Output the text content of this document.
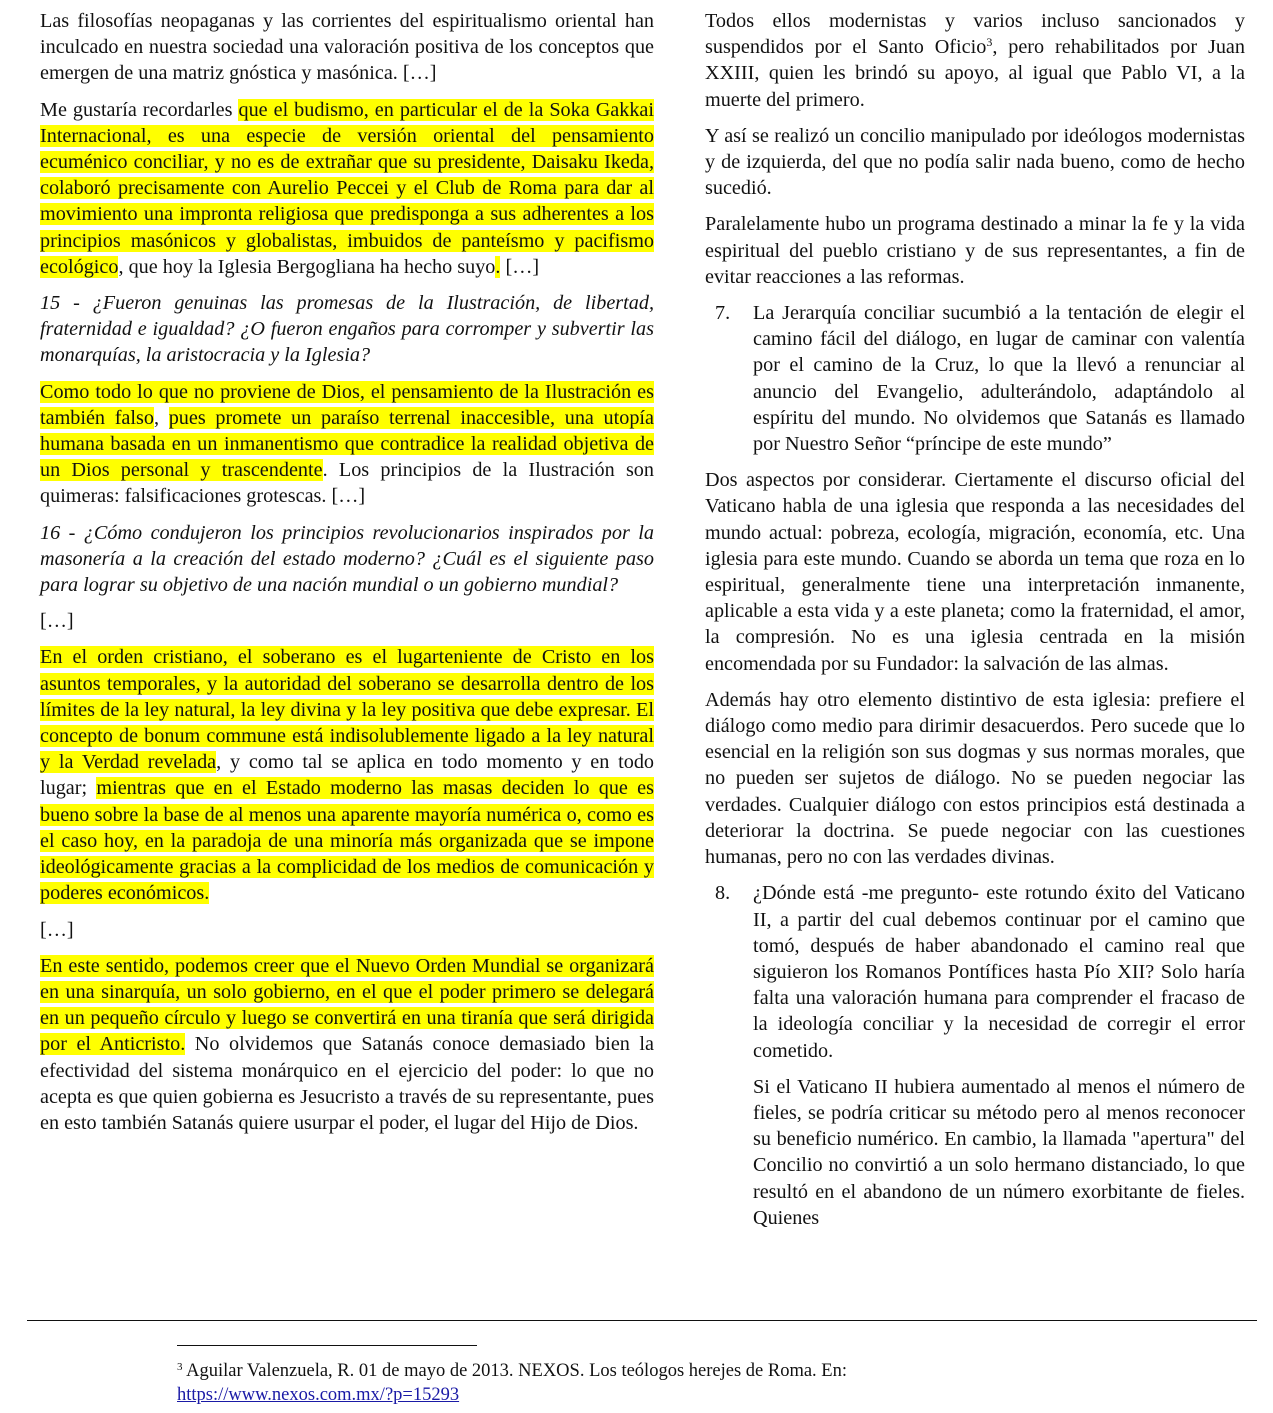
Las filosofías neopaganas y las corrientes del espiritualismo oriental han inculcado en nuestra sociedad una valoración positiva de los conceptos que emergen de una matriz gnóstica y masónica. […]

Me gustaría recordarles que el budismo, en particular el de la Soka Gakkai Internacional, es una especie de versión oriental del pensamiento ecuménico conciliar, y no es de extrañar que su presidente, Daisaku Ikeda, colaboró precisamente con Aurelio Peccei y el Club de Roma para dar al movimiento una impronta religiosa que predisponga a sus adherentes a los principios masónicos y globalistas, imbuidos de panteísmo y pacifismo ecológico, que hoy la Iglesia Bergogliana ha hecho suyo. […]

15 - ¿Fueron genuinas las promesas de la Ilustración, de libertad, fraternidad e igualdad? ¿O fueron engaños para corromper y subvertir las monarquías, la aristocracia y la Iglesia?

Como todo lo que no proviene de Dios, el pensamiento de la Ilustración es también falso, pues promete un paraíso terrenal inaccesible, una utopía humana basada en un inmanentismo que contradice la realidad objetiva de un Dios personal y trascendente. Los principios de la Ilustración son quimeras: falsificaciones grotescas. […]

16 - ¿Cómo condujeron los principios revolucionarios inspirados por la masonería a la creación del estado moderno? ¿Cuál es el siguiente paso para lograr su objetivo de una nación mundial o un gobierno mundial?

[…]

En el orden cristiano, el soberano es el lugarteniente de Cristo en los asuntos temporales, y la autoridad del soberano se desarrolla dentro de los límites de la ley natural, la ley divina y la ley positiva que debe expresar. El concepto de bonum commune está indisolublemente ligado a la ley natural y la Verdad revelada, y como tal se aplica en todo momento y en todo lugar; mientras que en el Estado moderno las masas deciden lo que es bueno sobre la base de al menos una aparente mayoría numérica o, como es el caso hoy, en la paradoja de una minoría más organizada que se impone ideológicamente gracias a la complicidad de los medios de comunicación y poderes económicos.

[…]

En este sentido, podemos creer que el Nuevo Orden Mundial se organizará en una sinarquía, un solo gobierno, en el que el poder primero se delegará en un pequeño círculo y luego se convertirá en una tiranía que será dirigida por el Anticristo. No olvidemos que Satanás conoce demasiado bien la efectividad del sistema monárquico en el ejercicio del poder: lo que no acepta es que quien gobierna es Jesucristo a través de su representante, pues en esto también Satanás quiere usurpar el poder, el lugar del Hijo de Dios.

Todos ellos modernistas y varios incluso sancionados y suspendidos por el Santo Oficio$^3$, pero rehabilitados por Juan XXIII, quien les brindó su apoyo, al igual que Pablo VI, a la muerte del primero.

Y así se realizó un concilio manipulado por ideólogos modernistas y de izquierda, del que no podía salir nada bueno, como de hecho sucedió.

Paralelamente hubo un programa destinado a minar la fe y la vida espiritual del pueblo cristiano y de sus representantes, a fin de evitar reacciones a las reformas.

7. La Jerarquía conciliar sucumbió a la tentación de elegir el camino fácil del diálogo, en lugar de caminar con valentía por el camino de la Cruz, lo que la llevó a renunciar al anuncio del Evangelio, adulterándolo, adaptándolo al espíritu del mundo. No olvidemos que Satanás es llamado por Nuestro Señor “príncipe de este mundo”

Dos aspectos por considerar. Ciertamente el discurso oficial del Vaticano habla de una iglesia que responda a las necesidades del mundo actual: pobreza, ecología, migración, economía, etc. Una iglesia para este mundo. Cuando se aborda un tema que roza en lo espiritual, generalmente tiene una interpretación inmanente, aplicable a esta vida y a este planeta; como la fraternidad, el amor, la compresión. No es una iglesia centrada en la misión encomendada por su Fundador: la salvación de las almas.

Además hay otro elemento distintivo de esta iglesia: prefiere el diálogo como medio para dirimir desacuerdos. Pero sucede que lo esencial en la religión son sus dogmas y sus normas morales, que no pueden ser sujetos de diálogo. No se pueden negociar las verdades. Cualquier diálogo con estos principios está destinada a deteriorar la doctrina. Se puede negociar con las cuestiones humanas, pero no con las verdades divinas.

8. ¿Dónde está -me pregunto- este rotundo éxito del Vaticano II, a partir del cual debemos continuar por el camino que tomó, después de haber abandonado el camino real que siguieron los Romanos Pontífices hasta Pío XII? Solo haría falta una valoración humana para comprender el fracaso de la ideología conciliar y la necesidad de corregir el error cometido.

Si el Vaticano II hubiera aumentado al menos el número de fieles, se podría criticar su método pero al menos reconocer su beneficio numérico. En cambio, la llamada "apertura" del Concilio no convirtió a un solo hermano distanciado, lo que resultó en el abandono de un número exorbitante de fieles. Quienes

$^3$ Aguilar Valenzuela, R. 01 de mayo de 2013. NEXOS. Los teólogos herejes de Roma. En:
https://www.nexos.com.mx/?p=15293
